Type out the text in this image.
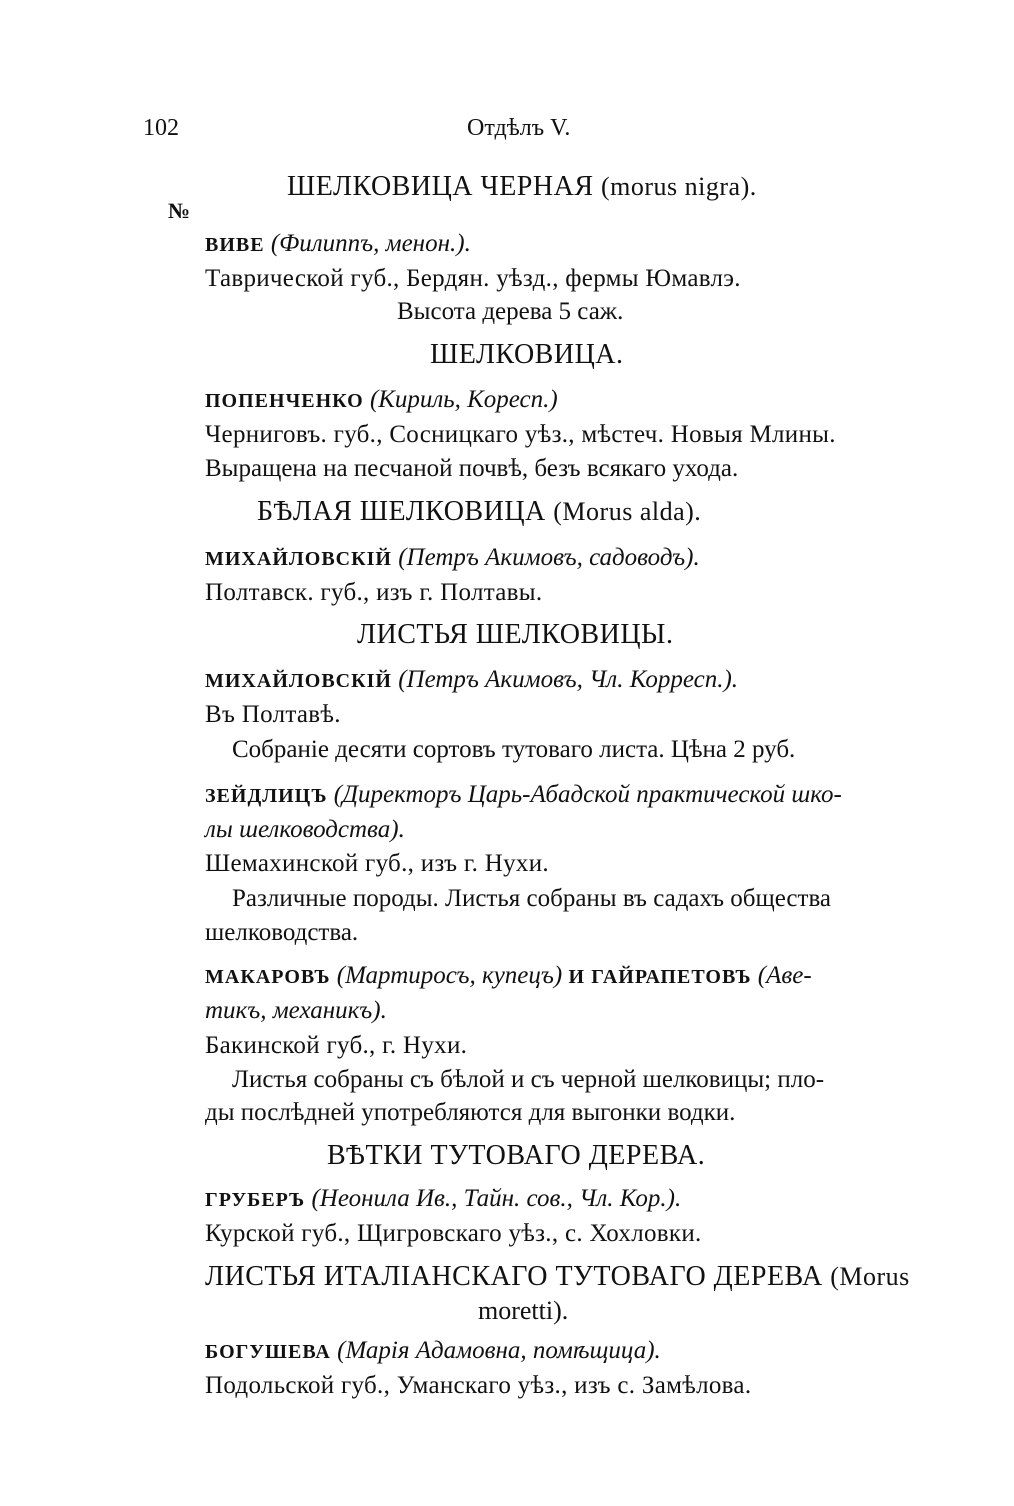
102	Отдѣлъ V.
ШЕЛКОВИЦА ЧЕРНАЯ (morus nigra).
№
ВИВЕ (Филиппъ, менон.).
Таврической губ., Бердян. уѣзд., фермы Юмавлэ.
Высота дерева 5 саж.
ШЕЛКОВИЦА.
ПОПЕНЧЕНКО (Кириль, Кoресп.)
Черниговъ. губ., Сосницкаго уѣз., мѣстеч. Новыя Млины.
Выращена на песчаной почвѣ, безъ всякаго ухода.
БѢЛАЯ ШЕЛКОВИЦА (Morus alda).
МИХАЙЛОВСКІЙ (Петръ Акимовъ, садоводъ).
Полтавск. губ., изъ г. Полтавы.
ЛИСТЬЯ ШЕЛКОВИЦЫ.
МИХАЙЛОВСКІЙ (Петръ Акимовъ, Чл. Корресп.).
Въ Полтавѣ.
Собраніе десяти сортовъ тутоваго листа. Цѣна 2 руб.
ЗЕЙДЛИЦЪ (Директоръ Царь-Абадской практической шко-
лы шелководства).
Шемахинской губ., изъ г. Нухи.
Различные породы. Листья собраны въ садахъ общества
шелководства.
МАКАРОВЪ (Мартиросъ, купецъ) И ГАЙРАПЕТОВЪ (Авe-
тикъ, механикъ).
Бакинской губ., г. Нухи.
Листья собраны съ бѣлой и съ черной шелковицы; пло-
ды послѣдней употребляются для выгонки водки.
ВѢТКИ ТУТОВАГО ДЕРЕВА.
ГРУБЕРЪ (Неонила Ив., Тайн. сов., Чл. Кор.).
Курской губ., Щигровскаго уѣз., с. Хохловки.
ЛИСТЬЯ ИТАЛІАНСКАГО ТУТОВАГО ДЕРЕВА (Morus
moretti).
БОГУШЕВА (Марія Адамовна, помѣщица).
Подольской губ., Уманскаго уѣз., изъ с. Замѣлова.
